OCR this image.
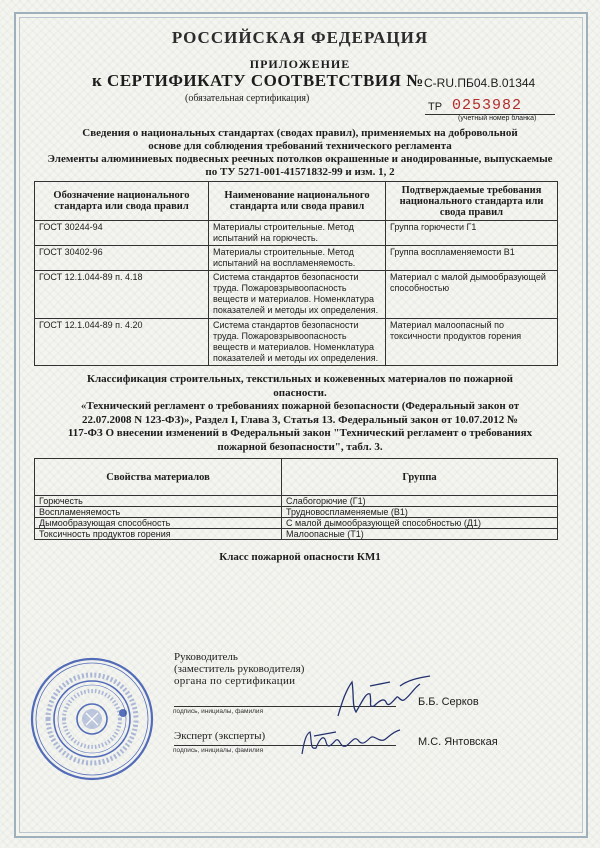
РОССИЙСКАЯ ФЕДЕРАЦИЯ
ПРИЛОЖЕНИЕ
к СЕРТИФИКАТУ СООТВЕТСТВИЯ № C-RU.ПБ04.В.01344
(обязательная сертификация)
ТР 0253982
(учетный номер бланка)
Сведения о национальных стандартах (сводах правил), применяемых на добровольной
основе для соблюдения требований технического регламента
Элементы алюминиевых подвесных реечных потолков окрашенные и анодированные, выпускаемые
по ТУ 5271-001-41571832-99 и изм. 1, 2
Обозначение национального стандарта или свода правил	Наименование национального стандарта или свода правил	Подтверждаемые требования национального стандарта или свода правил
ГОСТ 30244-94	Материалы строительные. Метод испытаний на горючесть.	Группа горючести Г1
ГОСТ 30402-96	Материалы строительные. Метод испытаний на воспламеняемость.	Группа воспламеняемости В1
ГОСТ 12.1.044-89 п. 4.18	Система стандартов безопасности труда. Пожаровзрывоопасность веществ и материалов. Номенклатура показателей и методы их определения.	Материал с малой дымообразующей способностью
ГОСТ 12.1.044-89 п. 4.20	Система стандартов безопасности труда. Пожаровзрывоопасность веществ и материалов. Номенклатура показателей и методы их определения.	Материал малоопасный по токсичности продуктов горения
Классификация строительных, текстильных и кожевенных материалов по пожарной
опасности.
«Технический регламент о требованиях пожарной безопасности (Федеральный закон от
22.07.2008 N 123-ФЗ)», Раздел I, Глава 3, Статья 13. Федеральный закон от 10.07.2012 №
117-ФЗ О внесении изменений в Федеральный закон "Технический регламент о требованиях
пожарной безопасности", табл. 3.
Свойства материалов	Группа
Горючесть	Слабогорючие (Г1)
Воспламеняемость	Трудновоспламеняемые (В1)
Дымообразующая способность	С малой дымообразующей способностью (Д1)
Токсичность продуктов горения	Малоопасные (Т1)
Класс пожарной опасности КМ1
Руководитель
(заместитель руководителя)
органа по сертификации
подпись, инициалы, фамилия
Б.Б. Серков
Эксперт (эксперты)
подпись, инициалы, фамилия
М.С. Янтовская
